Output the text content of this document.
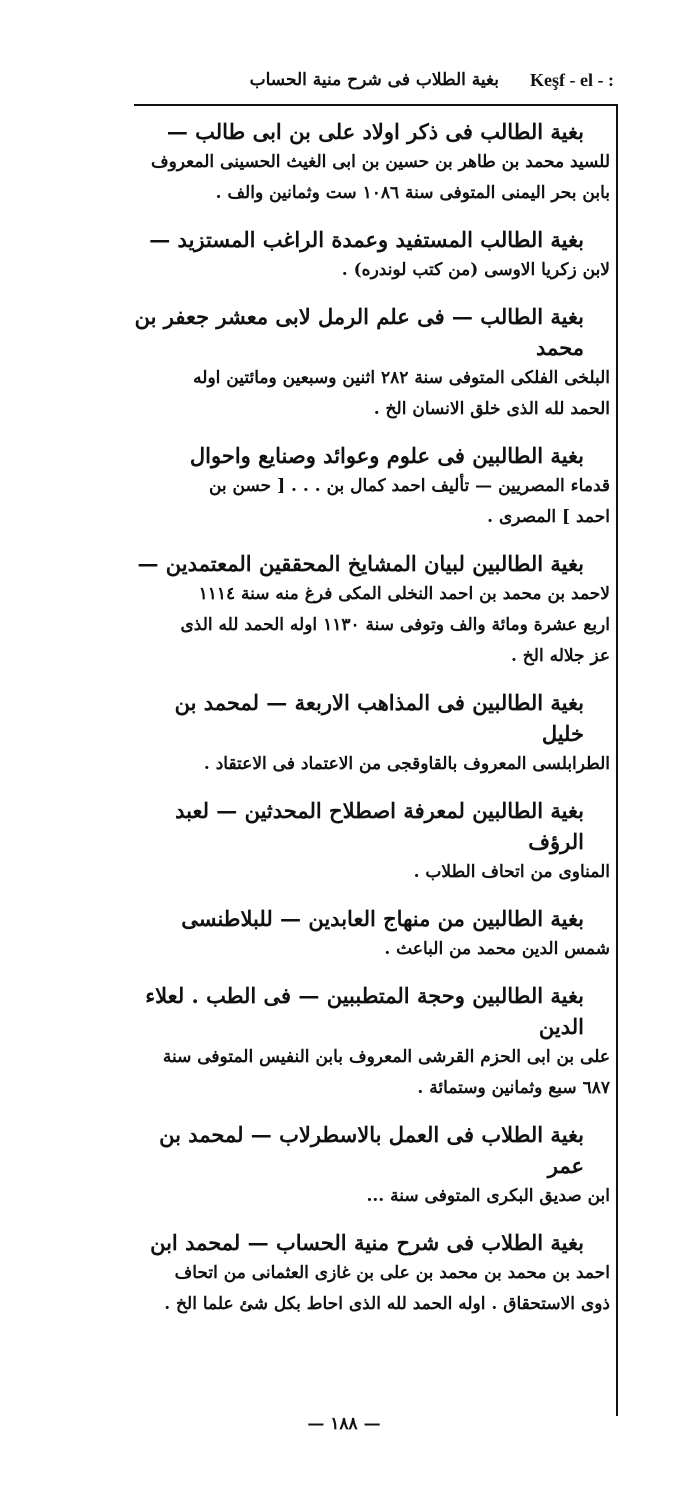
بغية الطلاب فى شرح منية الحساب Keşf - el - :

بغية الطالب فى ذكر اولاد على بن ابى طالب —

للسيد محمد بن طاهر بن حسين بن ابى الغيث الحسينى المعروف

بابن بحر اليمنى المتوفى سنة ١٠٨٦ ست وثمانين والف .

بغية الطالب المستفيد وعمدة الراغب المستزيد —

لابن زكريا الاوسى (من كتب لوندره) .

بغية الطالب — فى علم الرمل لابى معشر جعفر بن محمد

البلخى الفلكى المتوفى سنة ٢٨٢ اثنين وسبعين ومائتين اوله

الحمد لله الذى خلق الانسان الخ .

بغية الطالبين فى علوم وعوائد وصنايع واحوال

قدماء المصريين — تأليف احمد كمال بن . . . [ حسن بن

احمد ] المصرى .

بغية الطالبين لبيان المشايخ المحققين المعتمدين —

لاحمد بن محمد بن احمد النخلى المكى فرغ منه سنة ١١١٤

اربع عشرة ومائة والف وتوفى سنة ١١٣٠ اوله الحمد لله الذى

عز جلاله الخ .

بغية الطالبين فى المذاهب الاربعة — لمحمد بن خليل

الطرابلسى المعروف بالقاوقجى من الاعتماد فى الاعتقاد .

بغية الطالبين لمعرفة اصطلاح المحدثين — لعبد الرؤف

المناوى من اتحاف الطلاب .

بغية الطالبين من منهاج العابدين — للبلاطنسى

شمس الدين محمد من الباعث .

بغية الطالبين وحجة المتطببين — فى الطب . لعلاء الدين

على بن ابى الحزم القرشى المعروف بابن النفيس المتوفى سنة

٦٨٧ سبع وثمانين وستمائة .

بغية الطلاب فى العمل بالاسطرلاب — لمحمد بن عمر

ابن صديق البكرى المتوفى سنة ...

بغية الطلاب فى شرح منية الحساب — لمحمد ابن

احمد بن محمد بن محمد بن على بن غازى العثمانى من اتحاف

ذوى الاستحقاق . اوله الحمد لله الذى احاط بكل شئ علما الخ .

— ١٨٨ —
